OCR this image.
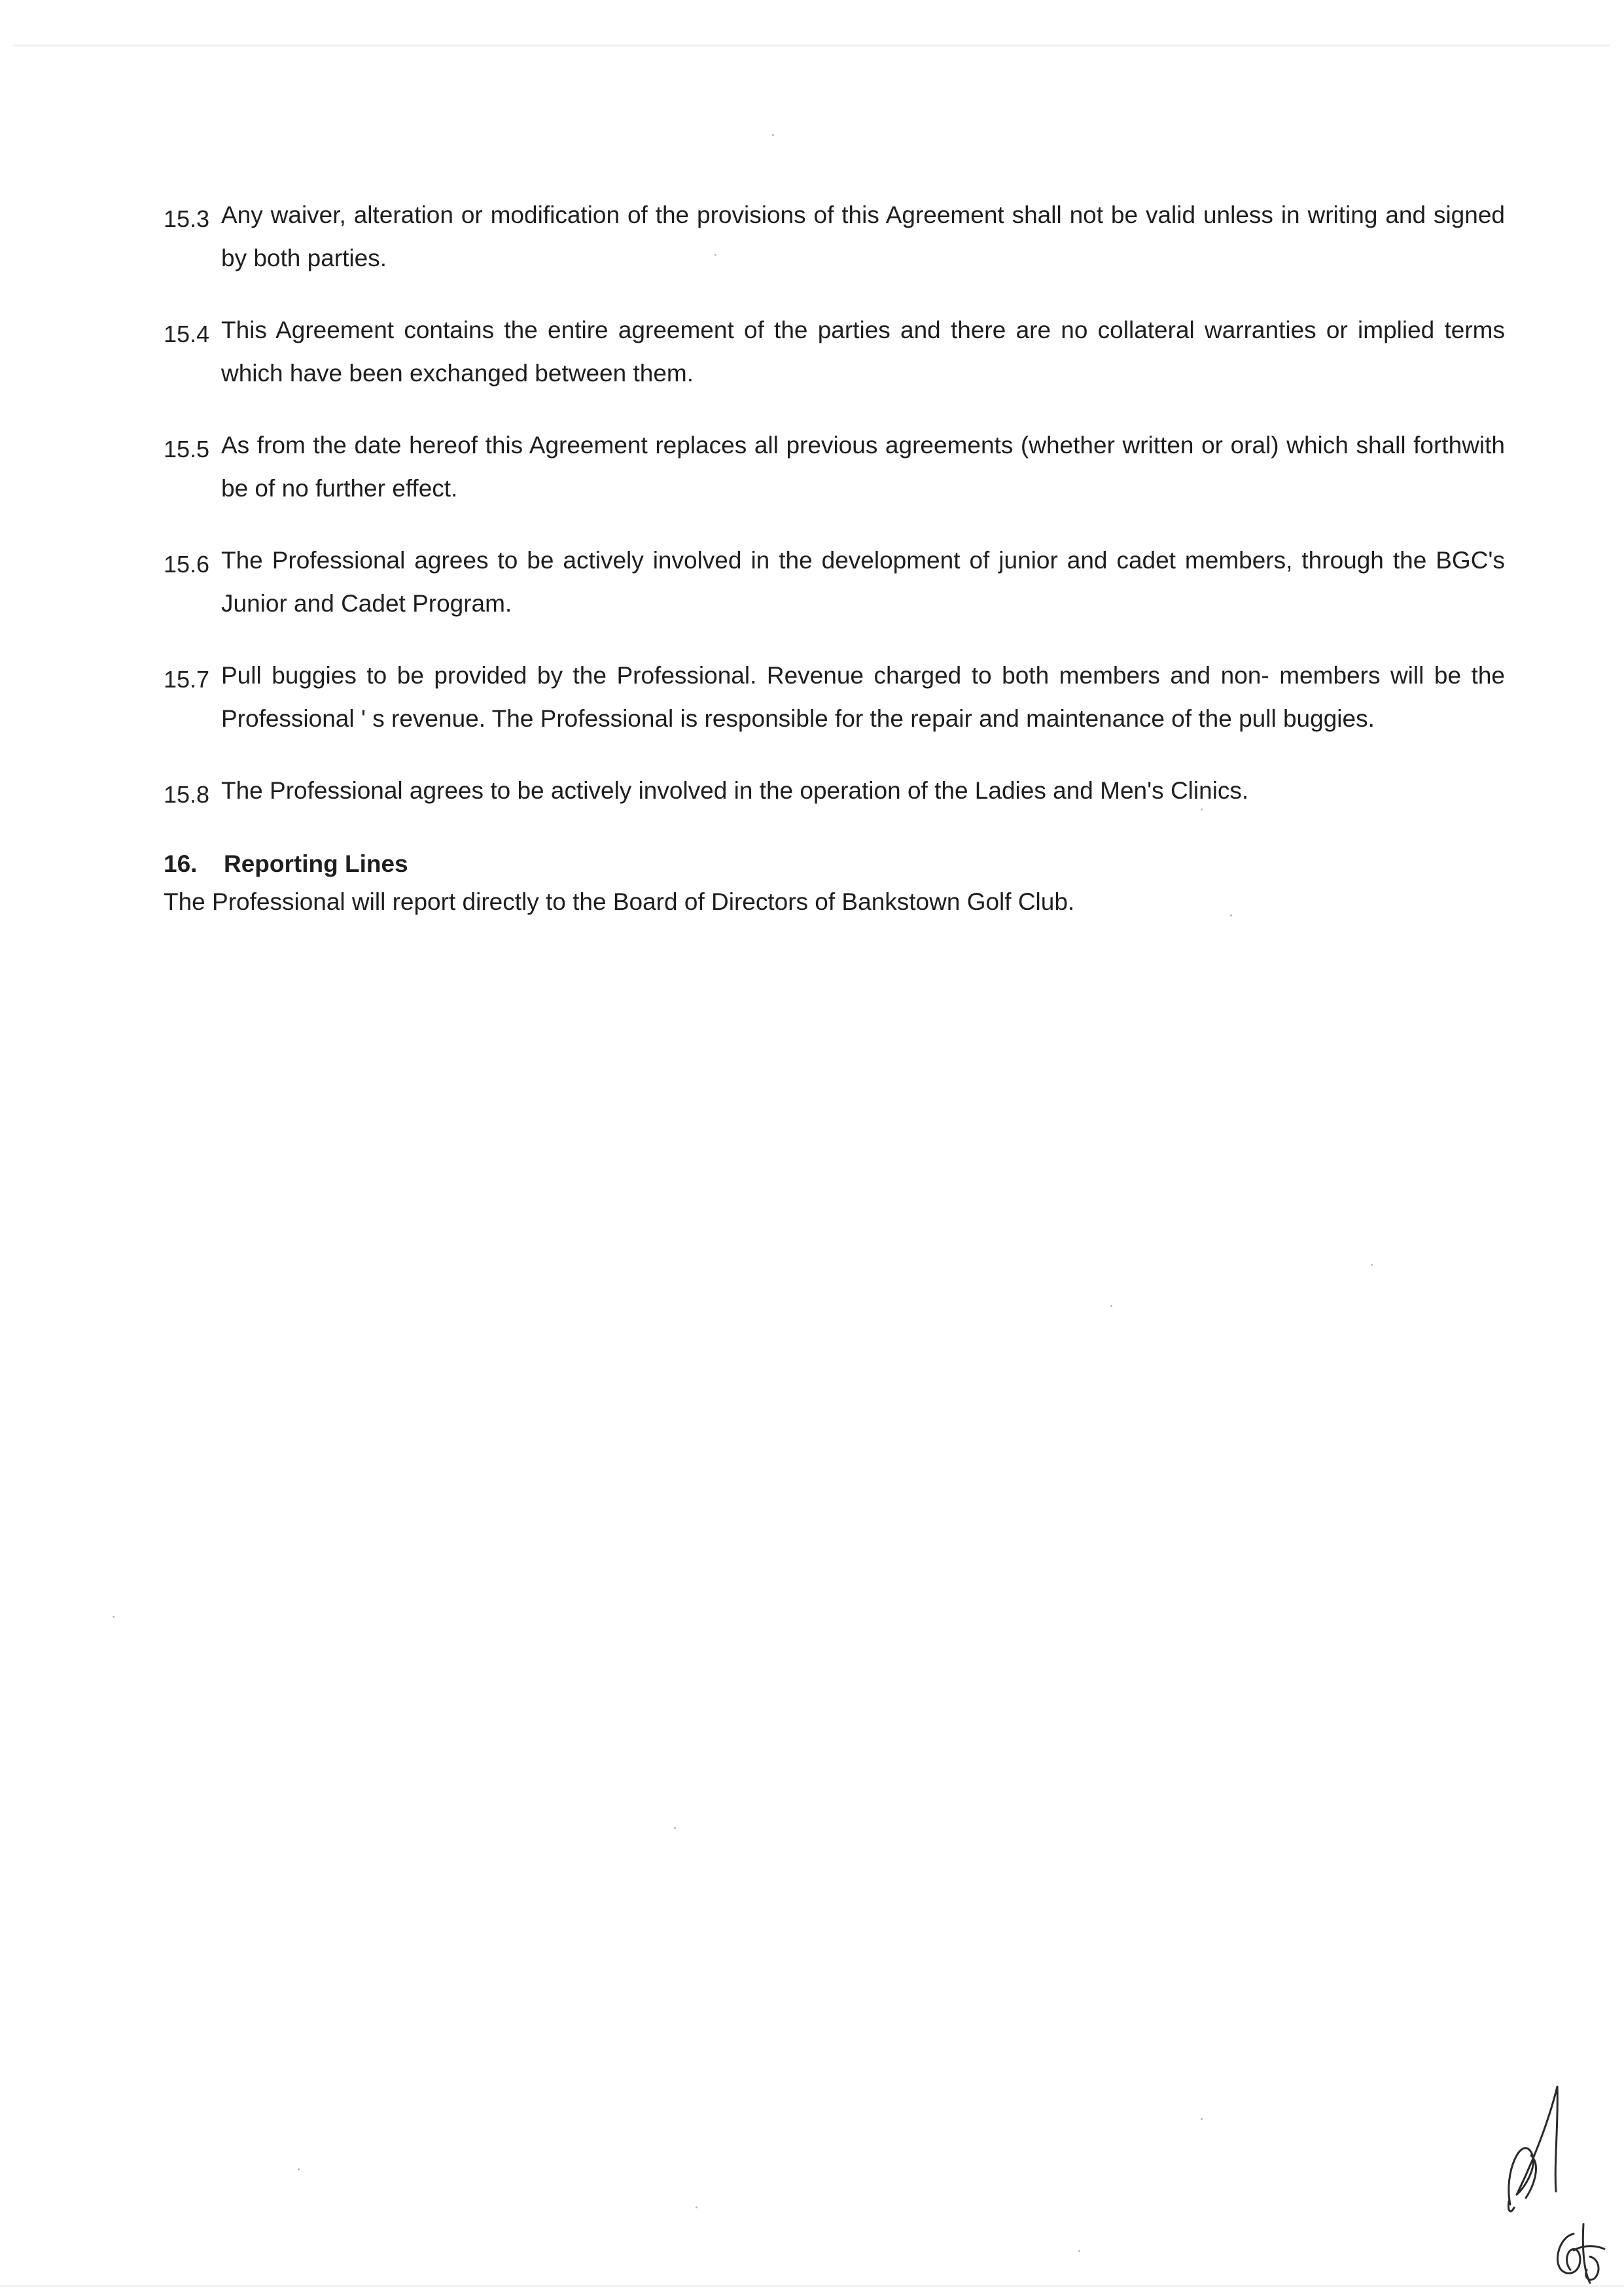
15.3 Any waiver, alteration or modification of the provisions of this Agreement shall not be valid unless in writing and signed by both parties.
15.4 This Agreement contains the entire agreement of the parties and there are no collateral warranties or implied terms which have been exchanged between them.
15.5 As from the date hereof this Agreement replaces all previous agreements (whether written or oral) which shall forthwith be of no further effect.
15.6 The Professional agrees to be actively involved in the development of junior and cadet members, through the BGC's Junior and Cadet Program.
15.7 Pull buggies to be provided by the Professional. Revenue charged to both members and non- members will be the Professional ' s revenue. The Professional is responsible for the repair and maintenance of the pull buggies.
15.8 The Professional agrees to be actively involved in the operation of the Ladies and Men's Clinics.
16. Reporting Lines
The Professional will report directly to the Board of Directors of Bankstown Golf Club.
